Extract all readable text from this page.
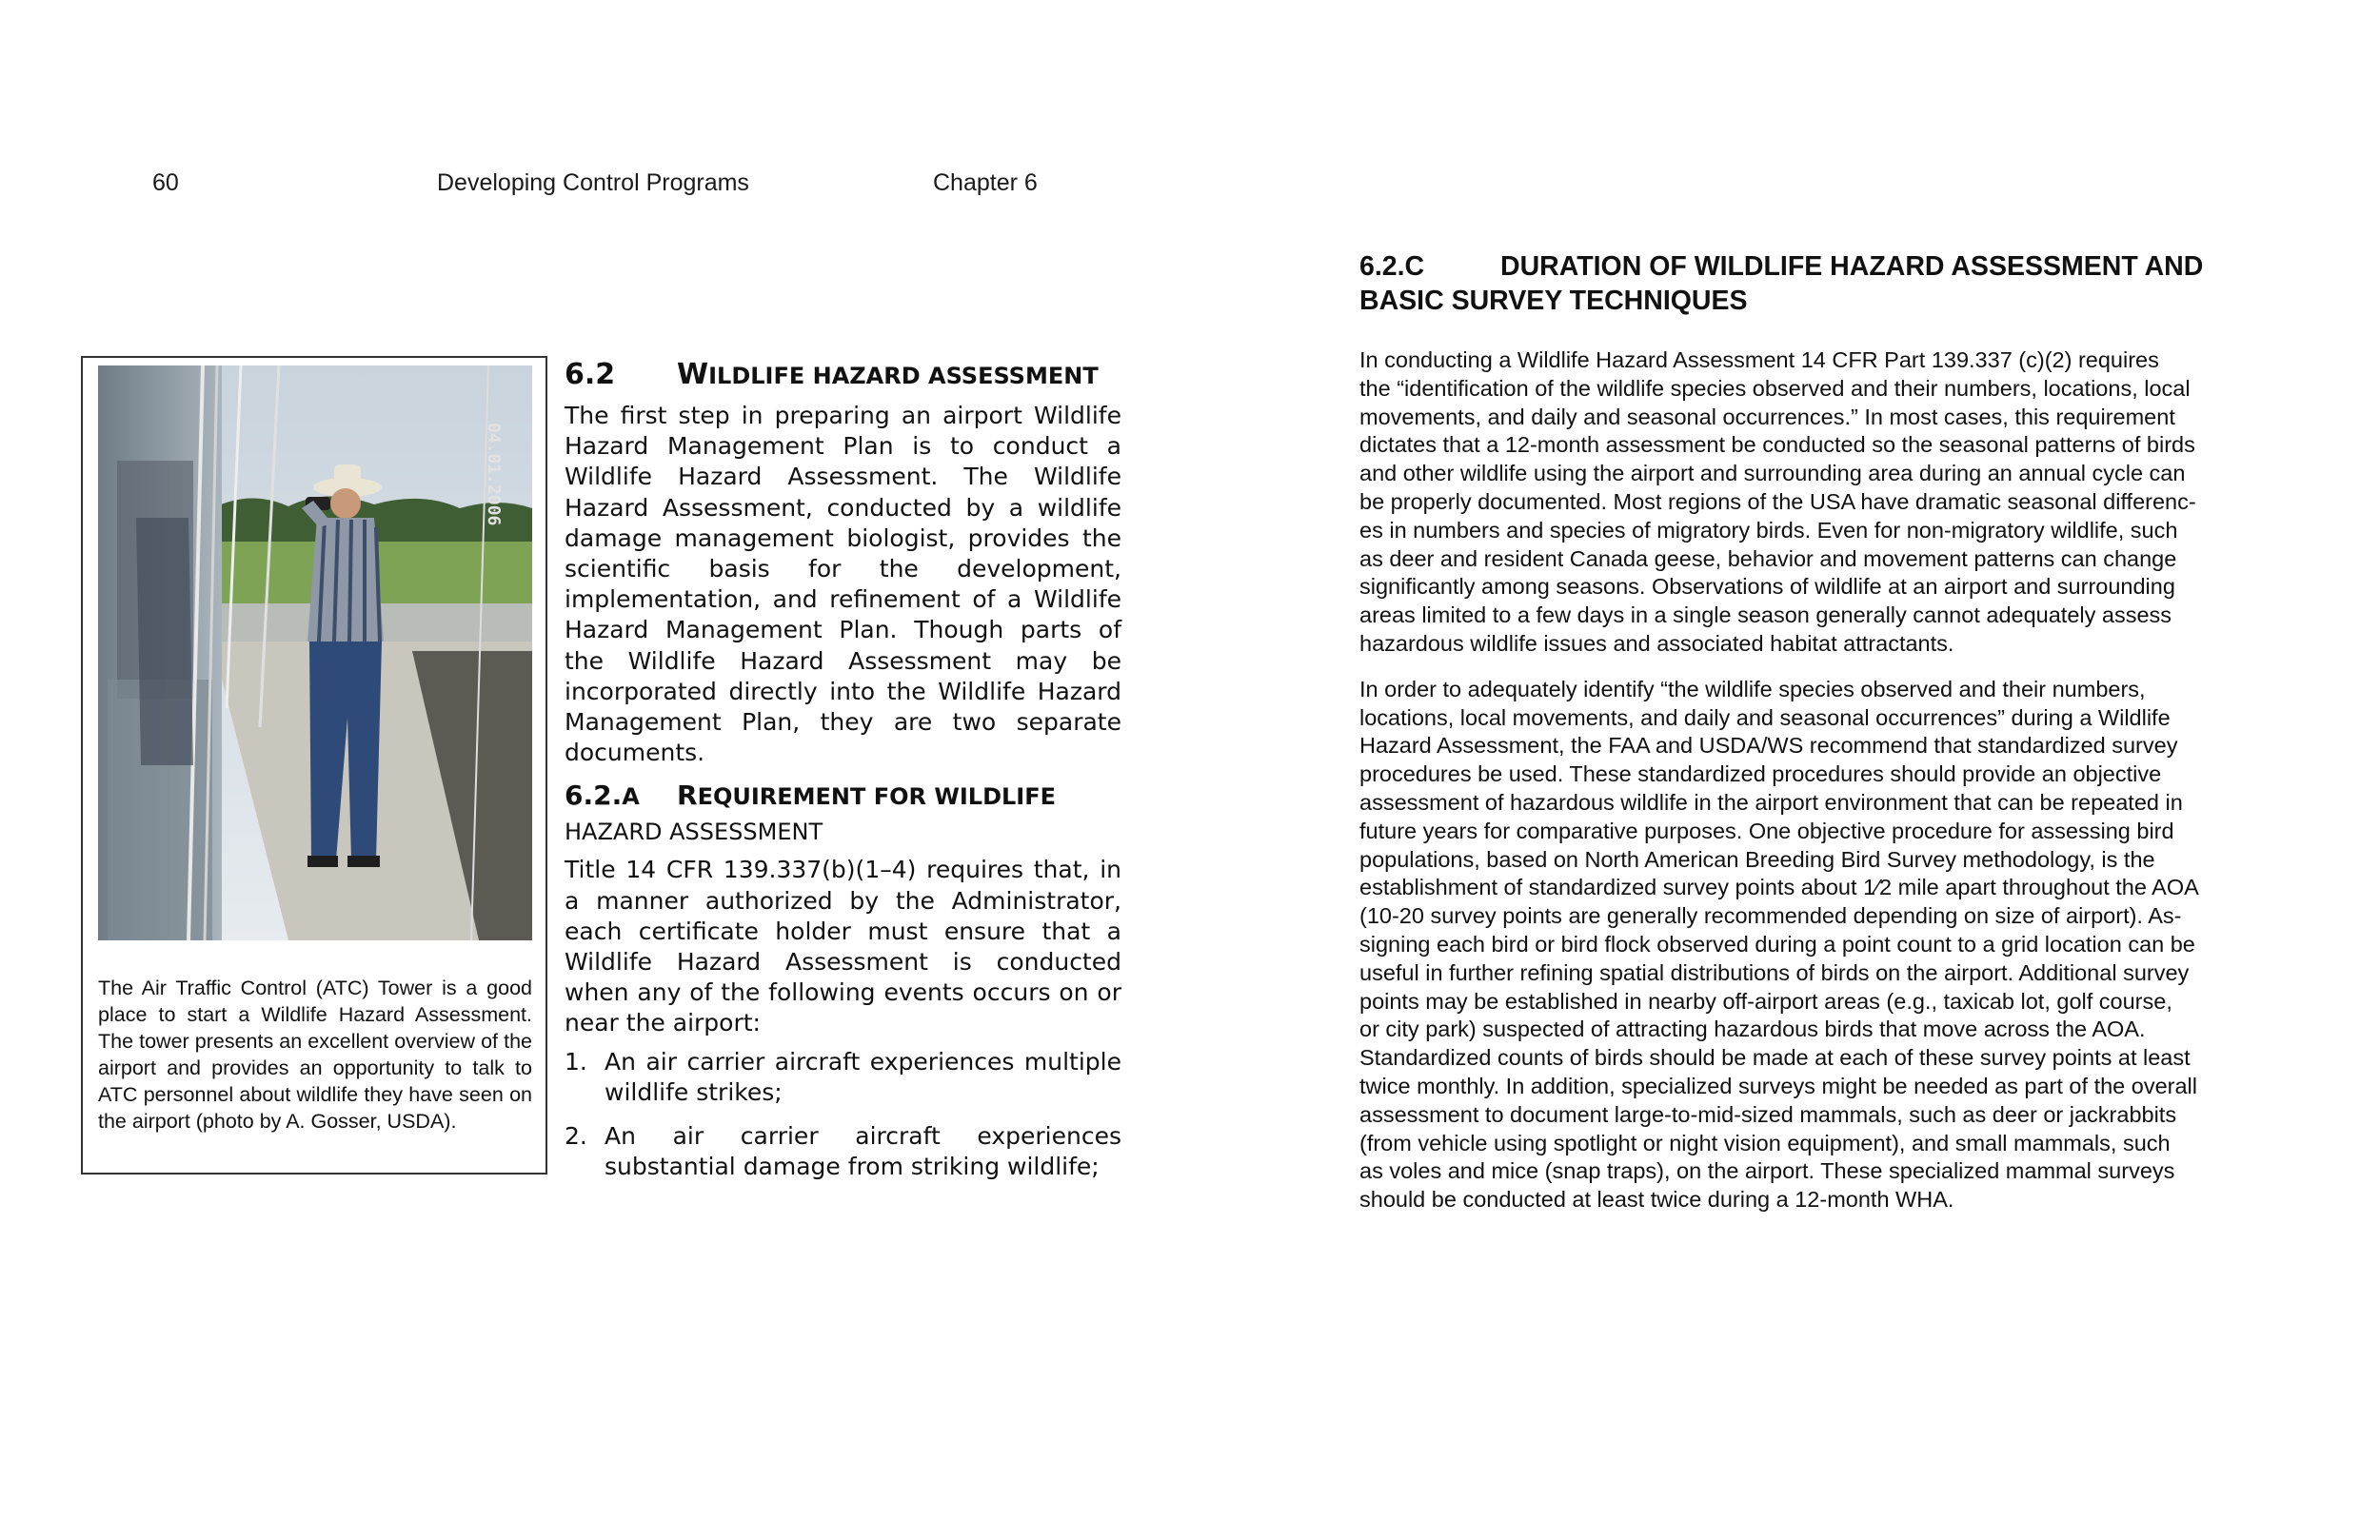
60	Developing Control Programs	Chapter 6
04.01.2006
The Air Traffic Control (ATC) Tower is a good place to start a Wildlife Hazard Assessment. The tower presents an excellent overview of the airport and provides an opportunity to talk to ATC personnel about wildlife they have seen on the airport (photo by A. Gosser, USDA).
6.2 WILDLIFE HAZARD ASSESSMENT

The first step in preparing an airport Wildlife Hazard Management Plan is to conduct a Wildlife Hazard Assessment. The Wildlife Hazard Assessment, conducted by a wildlife damage management biologist, provides the scientific basis for the development, implementation, and refinement of a Wildlife Hazard Management Plan. Though parts of the Wildlife Hazard Assessment may be incorporated directly into the Wildlife Hazard Management Plan, they are two separate documents.

6.2.A REQUIREMENT FOR WILDLIFE
HAZARD ASSESSMENT

Title 14 CFR 139.337(b)(1–4) requires that, in a manner authorized by the Administrator, each certificate holder must ensure that a Wildlife Hazard Assessment is conducted when any of the following events occurs on or near the airport:

1. An air carrier aircraft experiences multiple wildlife strikes;
2. An air carrier aircraft experiences substantial damage from striking wildlife;
6.2.C	DURATION OF WILDLIFE HAZARD ASSESSMENT AND
BASIC SURVEY TECHNIQUES

In conducting a Wildlife Hazard Assessment 14 CFR Part 139.337 (c)(2) requires

the “identification of the wildlife species observed and their numbers, locations, local

movements, and daily and seasonal occurrences.” In most cases, this requirement

dictates that a 12-month assessment be conducted so the seasonal patterns of birds

and other wildlife using the airport and surrounding area during an annual cycle can

be properly documented. Most regions of the USA have dramatic seasonal differenc-

es in numbers and species of migratory birds. Even for non-migratory wildlife, such

as deer and resident Canada geese, behavior and movement patterns can change

significantly among seasons. Observations of wildlife at an airport and surrounding

areas limited to a few days in a single season generally cannot adequately assess

hazardous wildlife issues and associated habitat attractants.

In order to adequately identify “the wildlife species observed and their numbers,

locations, local movements, and daily and seasonal occurrences” during a Wildlife

Hazard Assessment, the FAA and USDA/WS recommend that standardized survey

procedures be used. These standardized procedures should provide an objective

assessment of hazardous wildlife in the airport environment that can be repeated in

future years for comparative purposes. One objective procedure for assessing bird

populations, based on North American Breeding Bird Survey methodology, is the

establishment of standardized survey points about 1⁄2 mile apart throughout the AOA

(10-20 survey points are generally recommended depending on size of airport). As-

signing each bird or bird flock observed during a point count to a grid location can be

useful in further refining spatial distributions of birds on the airport. Additional survey

points may be established in nearby off-airport areas (e.g., taxicab lot, golf course,

or city park) suspected of attracting hazardous birds that move across the AOA.

Standardized counts of birds should be made at each of these survey points at least

twice monthly. In addition, specialized surveys might be needed as part of the overall

assessment to document large-to-mid-sized mammals, such as deer or jackrabbits

(from vehicle using spotlight or night vision equipment), and small mammals, such

as voles and mice (snap traps), on the airport. These specialized mammal surveys

should be conducted at least twice during a 12-month WHA.
